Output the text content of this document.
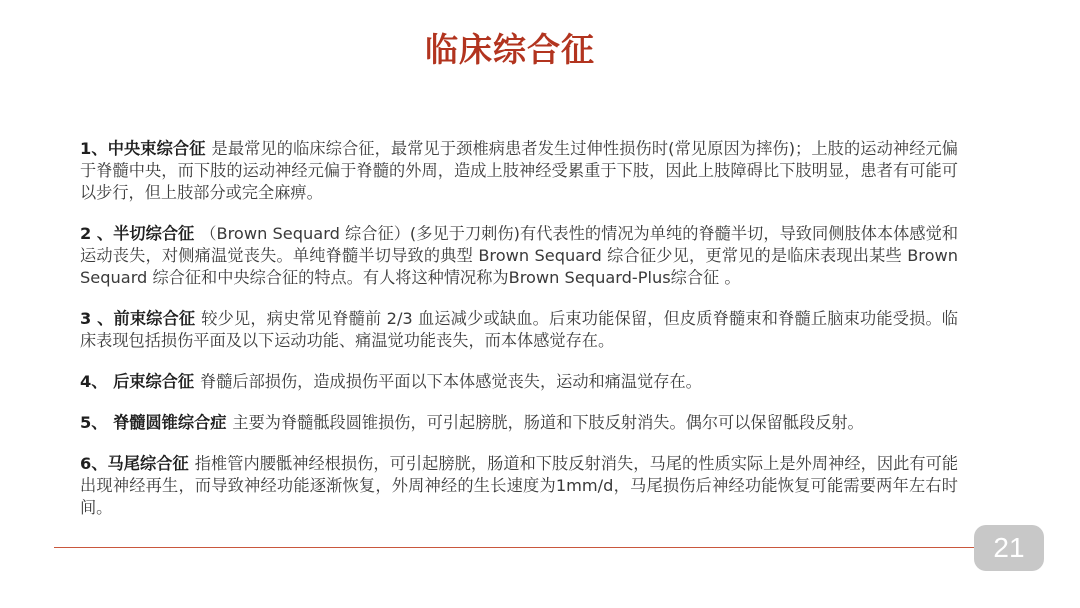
临床综合征

1、中央束综合征 是最常见的临床综合征，最常见于颈椎病患者发生过伸性损伤时(常见原因为摔伤)；上肢的运动神经元偏于脊髓中央，而下肢的运动神经元偏于脊髓的外周，造成上肢神经受累重于下肢，因此上肢障碍比下肢明显，患者有可能可以步行，但上肢部分或完全麻痹。

2 、半切综合征 （Brown Sequard 综合征）(多见于刀刺伤)有代表性的情况为单纯的脊髓半切，导致同侧肢体本体感觉和运动丧失，对侧痛温觉丧失。单纯脊髓半切导致的典型 Brown Sequard 综合征少见，更常见的是临床表现出某些 Brown Sequard 综合征和中央综合征的特点。有人将这种情况称为Brown Sequard-Plus综合征 。

3 、前束综合征 较少见，病史常见脊髓前 2/3 血运减少或缺血。后束功能保留，但皮质脊髓束和脊髓丘脑束功能受损。临床表现包括损伤平面及以下运动功能、痛温觉功能丧失，而本体感觉存在。

4、 后束综合征 脊髓后部损伤，造成损伤平面以下本体感觉丧失，运动和痛温觉存在。

5、 脊髓圆锥综合症 主要为脊髓骶段圆锥损伤，可引起膀胱，肠道和下肢反射消失。偶尔可以保留骶段反射。

6、马尾综合征 指椎管内腰骶神经根损伤，可引起膀胱，肠道和下肢反射消失，马尾的性质实际上是外周神经，因此有可能出现神经再生，而导致神经功能逐渐恢复，外周神经的生长速度为1mm/d，马尾损伤后神经功能恢复可能需要两年左右时间。

21
